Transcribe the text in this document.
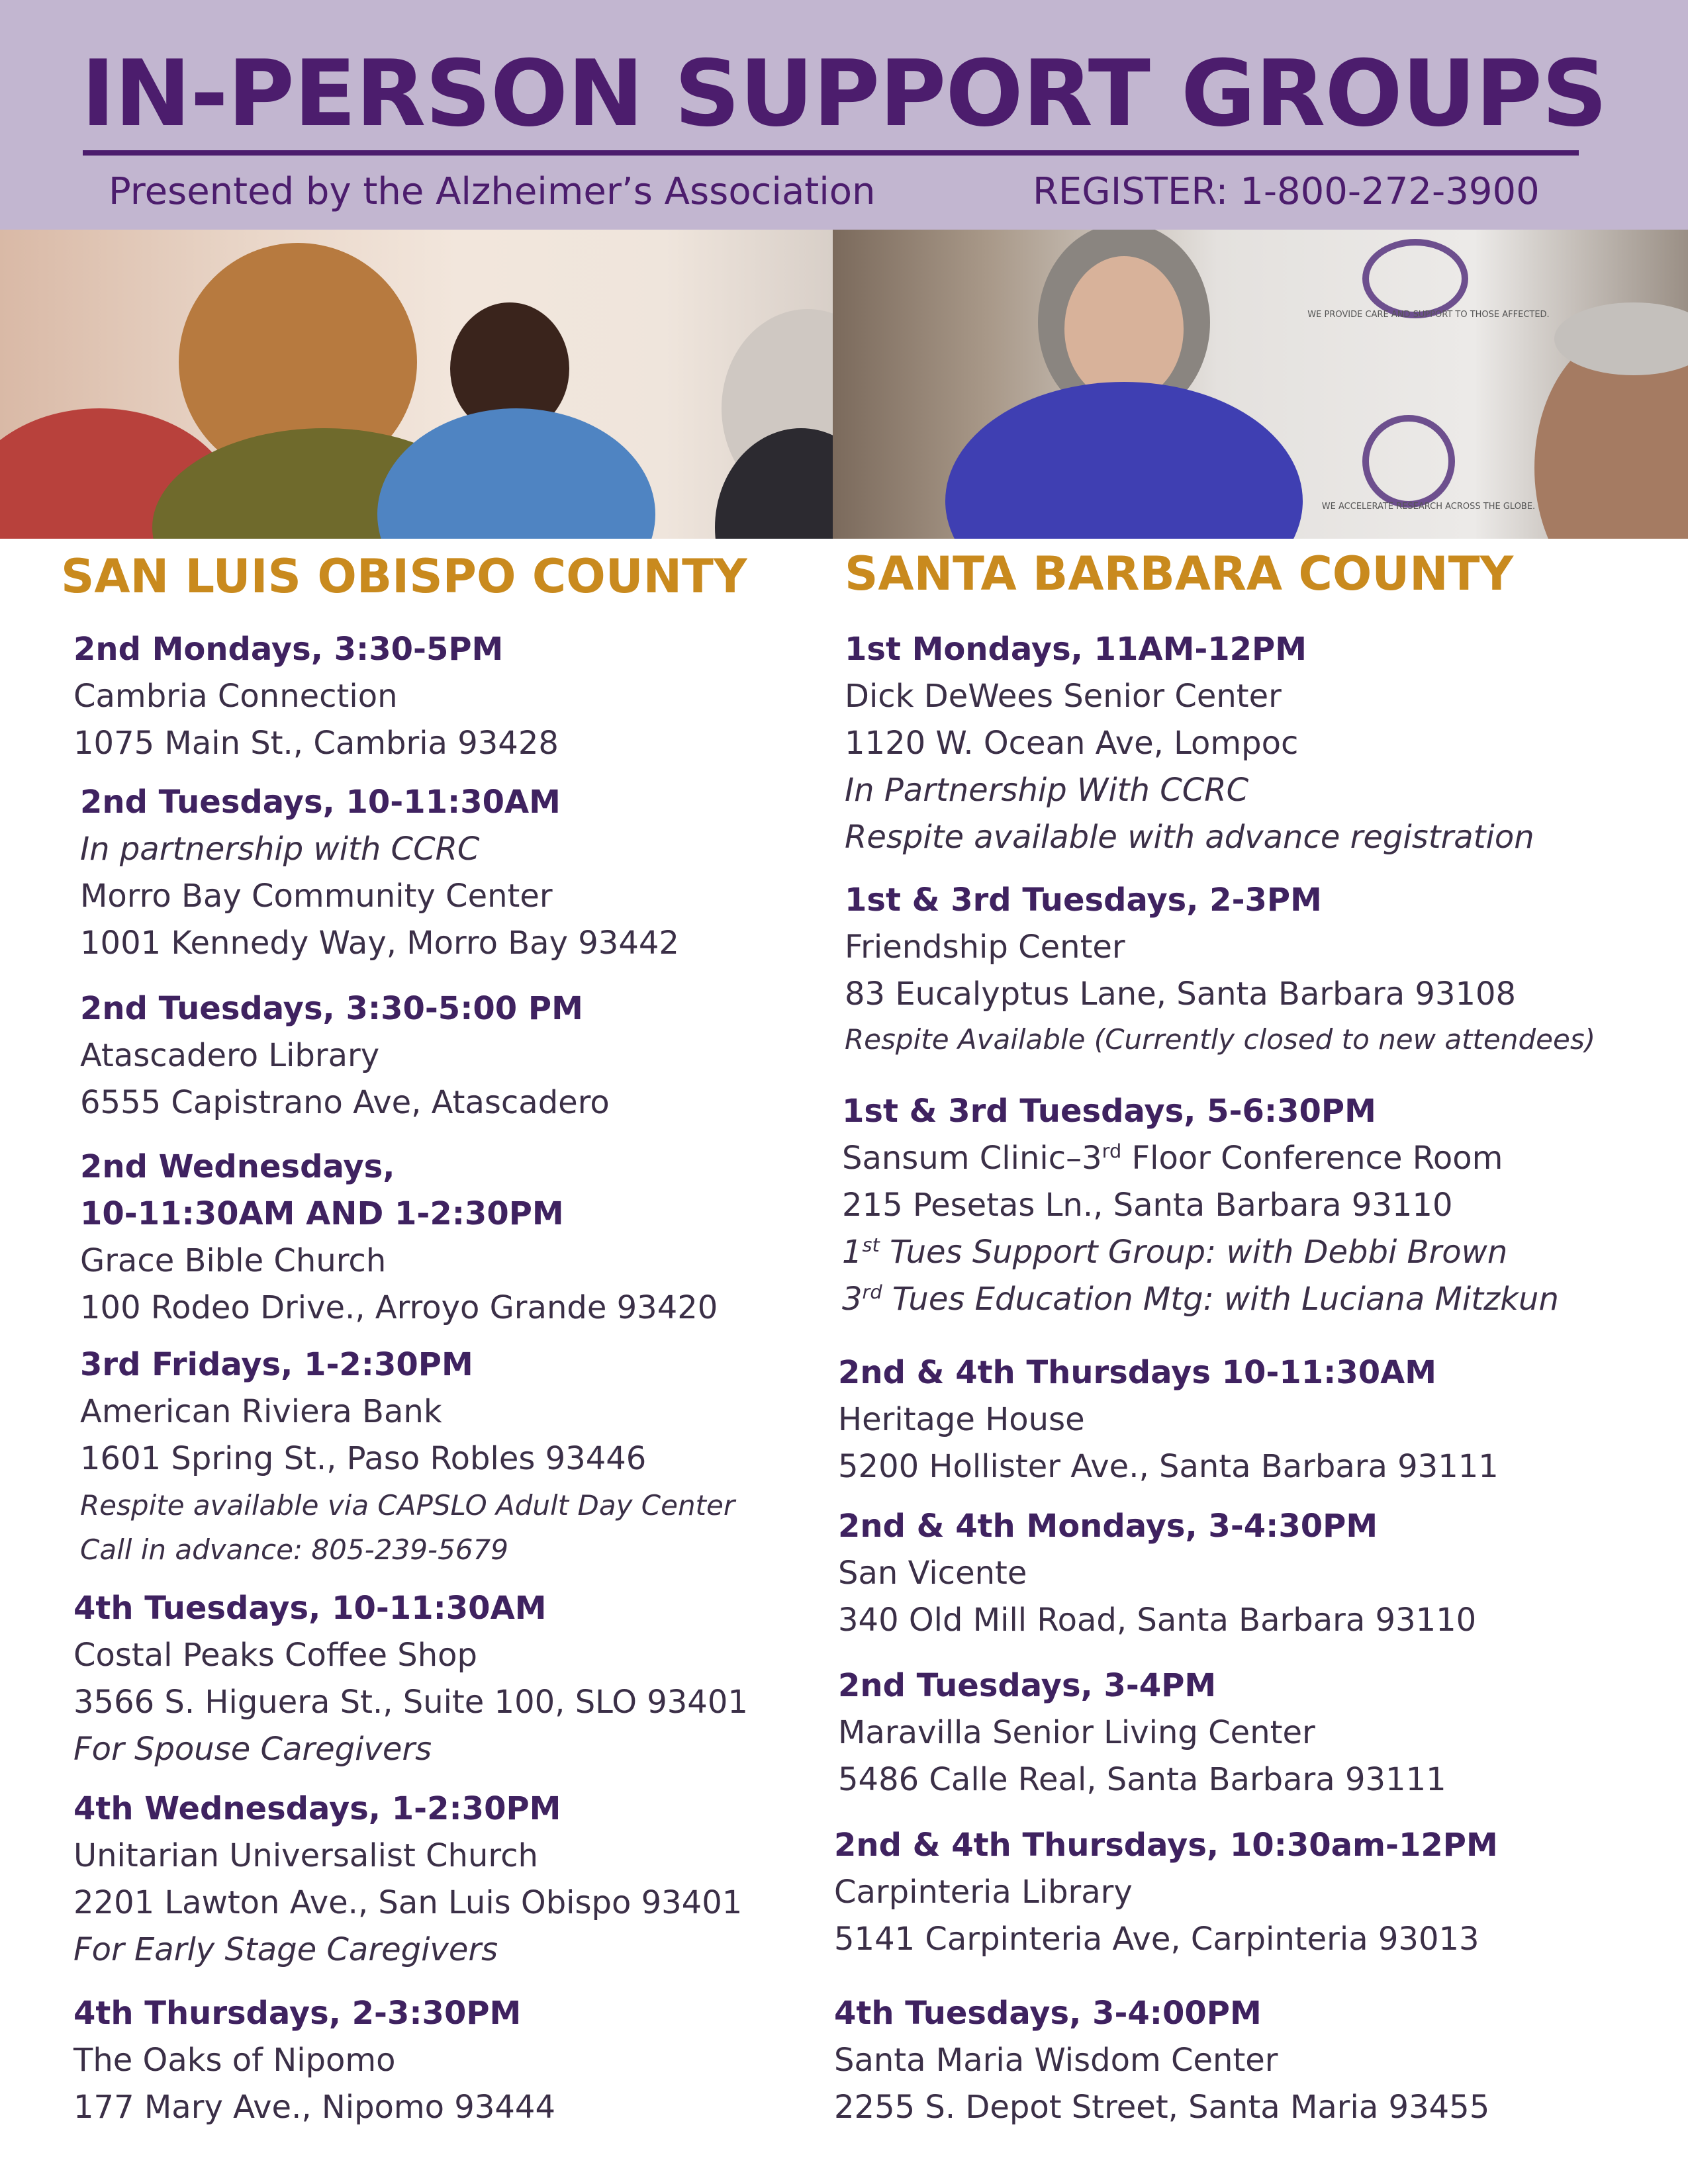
IN-PERSON SUPPORT GROUPS
Presented by the Alzheimer’s Association	REGISTER: 1-800-272-3900
WE PROVIDE CARE AND SUPPORT TO THOSE AFFECTED.
WE ACCELERATE RESEARCH ACROSS THE GLOBE.
SAN LUIS OBISPO COUNTY
2nd Mondays, 3:30-5PM
Cambria Connection
1075 Main St., Cambria 93428
2nd Tuesdays, 10-11:30AM
In partnership with CCRC
Morro Bay Community Center
1001 Kennedy Way, Morro Bay 93442
2nd Tuesdays, 3:30-5:00 PM
Atascadero Library
6555 Capistrano Ave, Atascadero
2nd Wednesdays,
10-11:30AM AND 1-2:30PM
Grace Bible Church
100 Rodeo Drive., Arroyo Grande 93420
3rd Fridays, 1-2:30PM
American Riviera Bank
1601 Spring St., Paso Robles 93446
Respite available via CAPSLO Adult Day Center
Call in advance: 805-239-5679
4th Tuesdays, 10-11:30AM
Costal Peaks Coffee Shop
3566 S. Higuera St., Suite 100, SLO 93401
For Spouse Caregivers
4th Wednesdays, 1-2:30PM
Unitarian Universalist Church
2201 Lawton Ave., San Luis Obispo 93401
For Early Stage Caregivers
4th Thursdays, 2-3:30PM
The Oaks of Nipomo
177 Mary Ave., Nipomo 93444
SANTA BARBARA COUNTY
1st Mondays, 11AM-12PM
Dick DeWees Senior Center
1120 W. Ocean Ave, Lompoc
In Partnership With CCRC
Respite available with advance registration
1st & 3rd Tuesdays, 2-3PM
Friendship Center
83 Eucalyptus Lane, Santa Barbara 93108
Respite Available (Currently closed to new attendees)
1st & 3rd Tuesdays, 5-6:30PM
Sansum Clinic–3rd Floor Conference Room
215 Pesetas Ln., Santa Barbara 93110
1st Tues Support Group: with Debbi Brown
3rd Tues Education Mtg: with Luciana Mitzkun
2nd & 4th Thursdays 10-11:30AM
Heritage House
5200 Hollister Ave., Santa Barbara 93111
2nd & 4th Mondays, 3-4:30PM
San Vicente
340 Old Mill Road, Santa Barbara 93110
2nd Tuesdays, 3-4PM
Maravilla Senior Living Center
5486 Calle Real, Santa Barbara 93111
2nd & 4th Thursdays, 10:30am-12PM
Carpinteria Library
5141 Carpinteria Ave, Carpinteria 93013
4th Tuesdays, 3-4:00PM
Santa Maria Wisdom Center
2255 S. Depot Street, Santa Maria 93455
